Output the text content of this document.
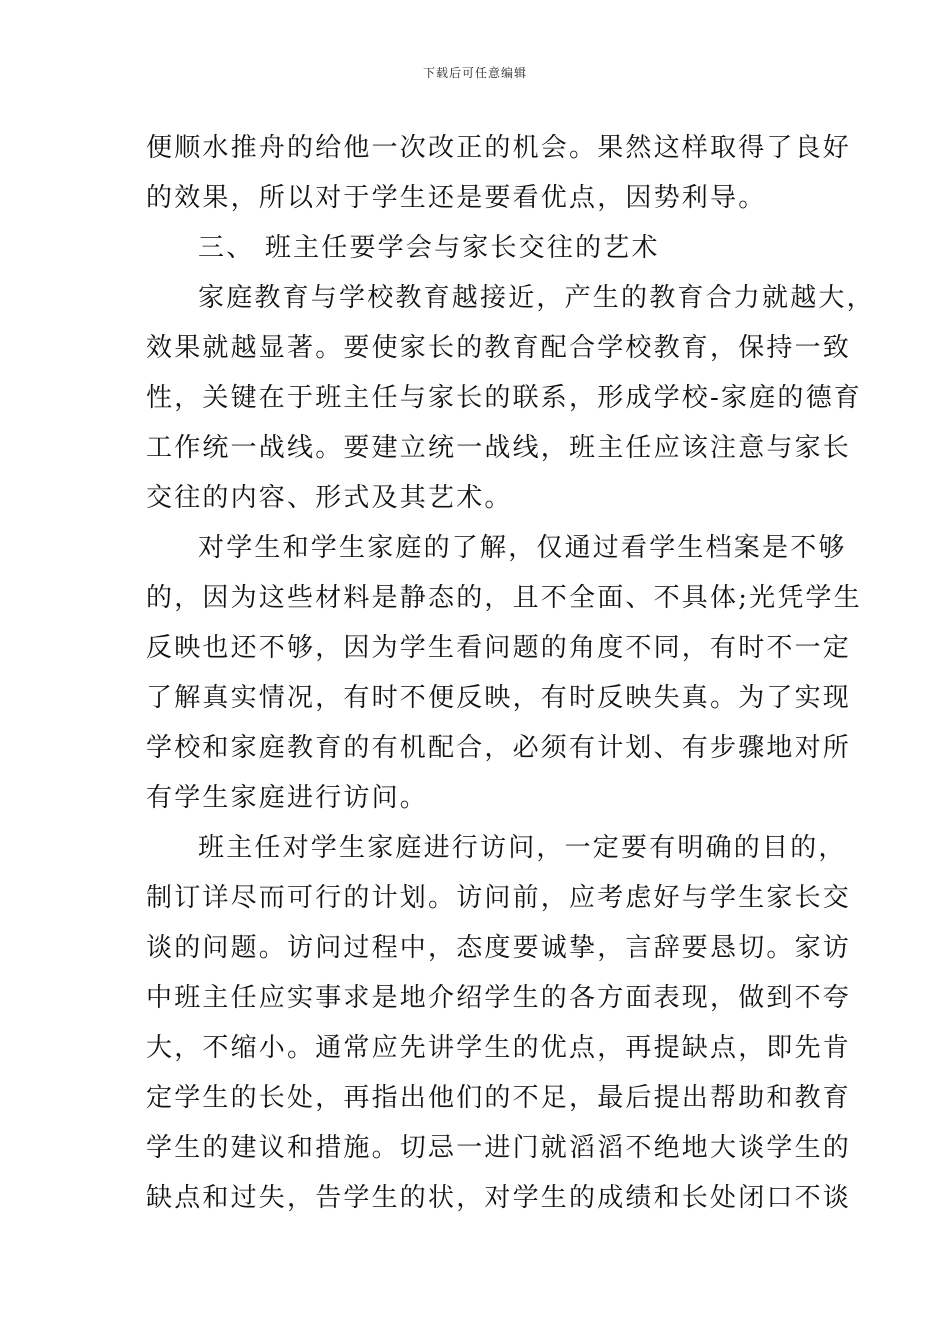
下载后可任意编辑
便顺水推舟的给他一次改正的机会。果然这样取得了良好
的效果，所以对于学生还是要看优点，因势利导。
三、 班主任要学会与家长交往的艺术
家庭教育与学校教育越接近，产生的教育合力就越大，
效果就越显著。要使家长的教育配合学校教育，保持一致
性，关键在于班主任与家长的联系，形成学校-家庭的德育
工作统一战线。要建立统一战线，班主任应该注意与家长
交往的内容、形式及其艺术。
对学生和学生家庭的了解，仅通过看学生档案是不够
的，因为这些材料是静态的，且不全面、不具体;光凭学生
反映也还不够，因为学生看问题的角度不同，有时不一定
了解真实情况，有时不便反映，有时反映失真。为了实现
学校和家庭教育的有机配合，必须有计划、有步骤地对所
有学生家庭进行访问。
班主任对学生家庭进行访问，一定要有明确的目的，
制订详尽而可行的计划。访问前，应考虑好与学生家长交
谈的问题。访问过程中，态度要诚挚，言辞要恳切。家访
中班主任应实事求是地介绍学生的各方面表现，做到不夸
大，不缩小。通常应先讲学生的优点，再提缺点，即先肯
定学生的长处，再指出他们的不足，最后提出帮助和教育
学生的建议和措施。切忌一进门就滔滔不绝地大谈学生的
缺点和过失，告学生的状，对学生的成绩和长处闭口不谈
